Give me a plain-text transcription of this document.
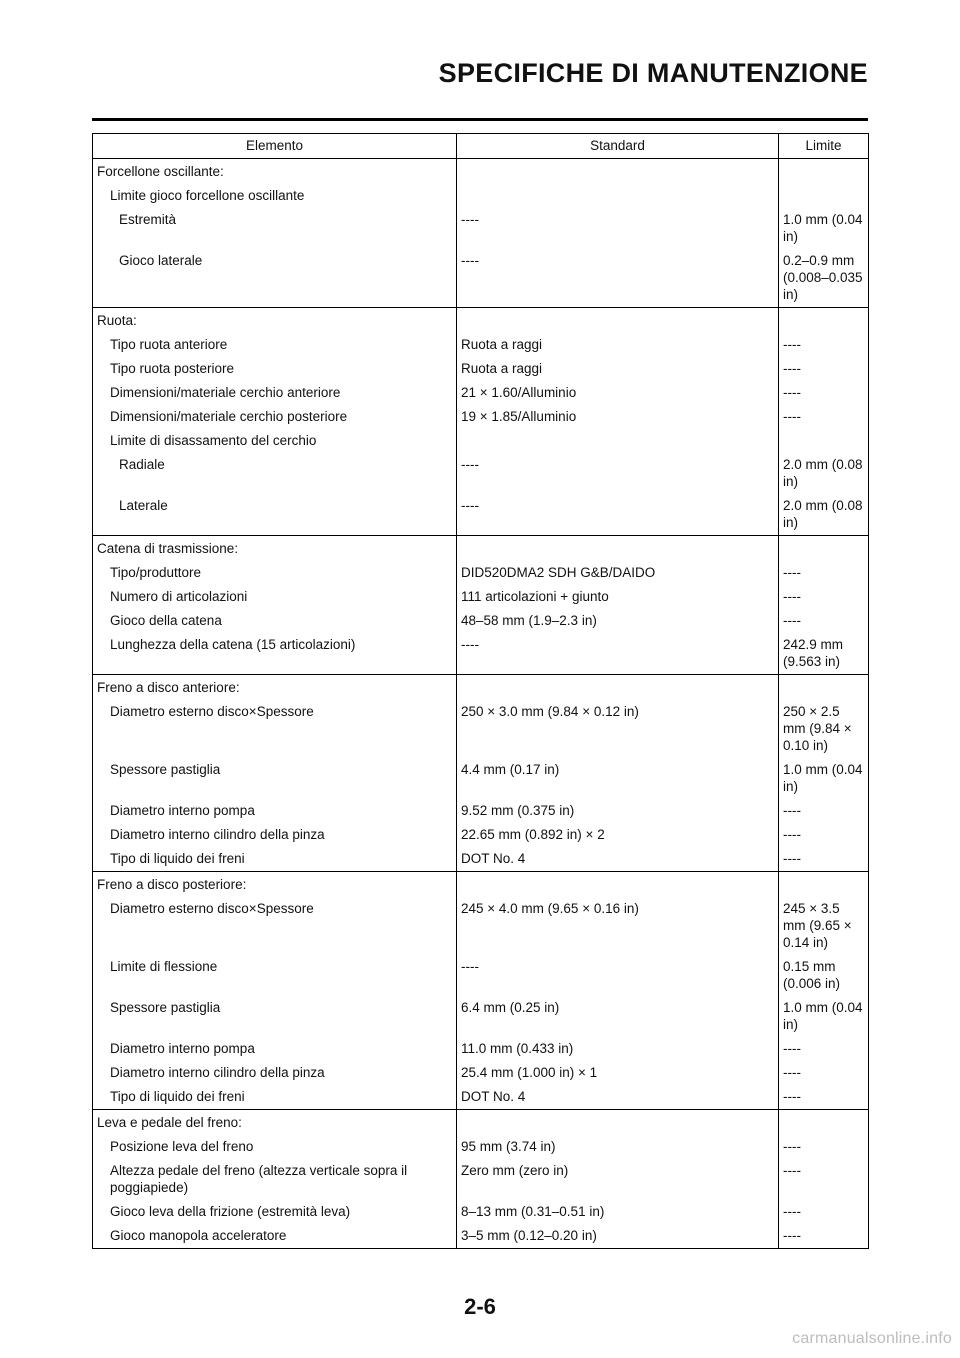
SPECIFICHE DI MANUTENZIONE
Elemento	Standard	Limite
Forcellone oscillante:		
Limite gioco forcellone oscillante		
Estremità	----	1.0 mm (0.04 in)
Gioco laterale	----	0.2–0.9 mm (0.008–0.035 in)
Ruota:		
Tipo ruota anteriore	Ruota a raggi	----
Tipo ruota posteriore	Ruota a raggi	----
Dimensioni/materiale cerchio anteriore	21 × 1.60/Alluminio	----
Dimensioni/materiale cerchio posteriore	19 × 1.85/Alluminio	----
Limite di disassamento del cerchio		
Radiale	----	2.0 mm (0.08 in)
Laterale	----	2.0 mm (0.08 in)
Catena di trasmissione:		
Tipo/produttore	DID520DMA2 SDH G&B/DAIDO	----
Numero di articolazioni	111 articolazioni + giunto	----
Gioco della catena	48–58 mm (1.9–2.3 in)	----
Lunghezza della catena (15 articolazioni)	----	242.9 mm (9.563 in)
Freno a disco anteriore:		
Diametro esterno disco×Spessore	250 × 3.0 mm (9.84 × 0.12 in)	250 × 2.5 mm (9.84 × 0.10 in)
Spessore pastiglia	4.4 mm (0.17 in)	1.0 mm (0.04 in)
Diametro interno pompa	9.52 mm (0.375 in)	----
Diametro interno cilindro della pinza	22.65 mm (0.892 in) × 2	----
Tipo di liquido dei freni	DOT No. 4	----
Freno a disco posteriore:		
Diametro esterno disco×Spessore	245 × 4.0 mm (9.65 × 0.16 in)	245 × 3.5 mm (9.65 × 0.14 in)
Limite di flessione	----	0.15 mm (0.006 in)
Spessore pastiglia	6.4 mm (0.25 in)	1.0 mm (0.04 in)
Diametro interno pompa	11.0 mm (0.433 in)	----
Diametro interno cilindro della pinza	25.4 mm (1.000 in) × 1	----
Tipo di liquido dei freni	DOT No. 4	----
Leva e pedale del freno:		
Posizione leva del freno	95 mm (3.74 in)	----
Altezza pedale del freno (altezza verticale sopra il poggiapiede)	Zero mm (zero in)	----
Gioco leva della frizione (estremità leva)	8–13 mm (0.31–0.51 in)	----
Gioco manopola acceleratore	3–5 mm (0.12–0.20 in)	----
2-6
carmanualsonline.info
